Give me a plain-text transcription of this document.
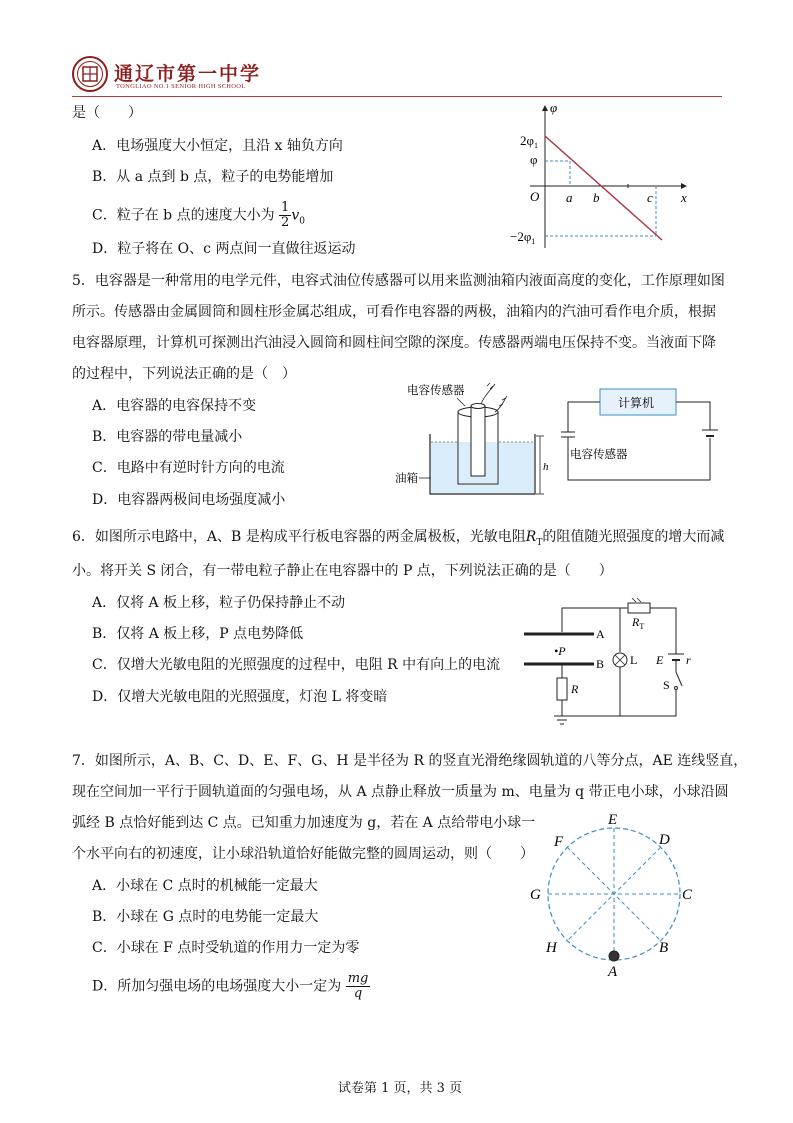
通辽市第一中学
TONGLIAO NO.1 SENIOR HIGH SCHOOL
是（　　）
A．电场强度大小恒定，且沿 x 轴负方向
B．从 a 点到 b 点，粒子的电势能增加
C．粒子在 b 点的速度大小为 $\frac{1}{2} v_0$
D．粒子将在 O、c 两点间一直做往返运动
φ
x
O
$2\varphi_1$
φ
$-2\varphi_1$
a b	c
5．电容器是一种常用的电学元件，电容式油位传感器可以用来监测油箱内液面高度的变化，工作原理如图
所示。传感器由金属圆筒和圆柱形金属芯组成，可看作电容器的两极，油箱内的汽油可看作电介质，根据
电容器原理，计算机可探测出汽油浸入圆筒和圆柱间空隙的深度。传感器两端电压保持不变。当液面下降
的过程中，下列说法正确的是（　）
A．电容器的电容保持不变
B．电容器的带电量减小
C．电路中有逆时针方向的电流
D．电容器两极间电场强度减小
电容传感器
h
油箱
计算机
电容传感器
6．如图所示电路中，A、B 是构成平行板电容器的两金属极板，光敏电阻$R_T$的阻值随光照强度的增大而减
小。将开关 S 闭合，有一带电粒子静止在电容器中的 P 点，下列说法正确的是（　　）
A．仅将 A 板上移，粒子仍保持静止不动
B．仅将 A 板上移，P 点电势降低
C．仅增大光敏电阻的光照强度的过程中，电阻 R 中有向上的电流
D．仅增大光敏电阻的光照强度，灯泡 L 将变暗
$R_T$
A
B
•P
L
R
E r
S
7．如图所示，A、B、C、D、E、F、G、H 是半径为 R 的竖直光滑绝缘圆轨道的八等分点，AE 连线竖直，
现在空间加一平行于圆轨道面的匀强电场，从 A 点静止释放一质量为 m、电量为 q 带正电小球，小球沿圆
弧经 B 点恰好能到达 C 点。已知重力加速度为 g，若在 A 点给带电小球一
个水平向右的初速度，让小球沿轨道恰好能做完整的圆周运动，则（　　）
A．小球在 C 点时的机械能一定最大
B．小球在 G 点时的电势能一定最大
C．小球在 F 点时受轨道的作用力一定为零
D．所加匀强电场的电场强度大小一定为 $\frac{mg}{q}$
E
D
C
B
A
H
G
F
试卷第 1 页，共 3 页
